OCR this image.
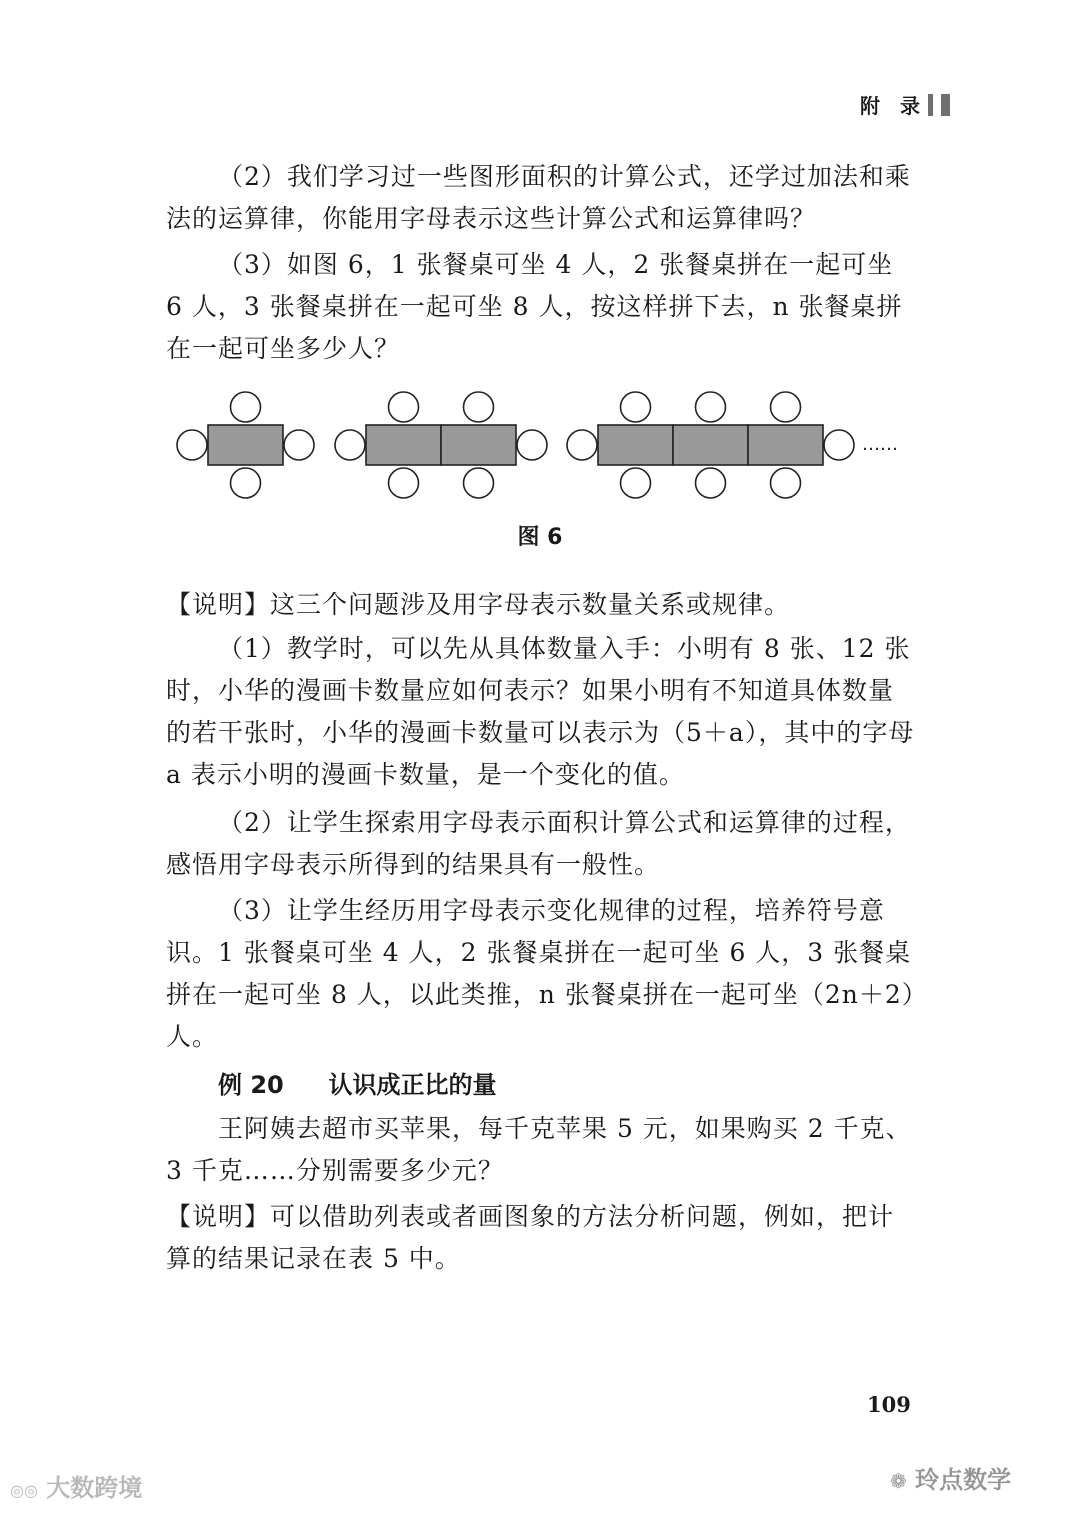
附　录
（2）我们学习过一些图形面积的计算公式，还学过加法和乘法的运算律，你能用字母表示这些计算公式和运算律吗？
（3）如图 6，1 张餐桌可坐 4 人，2 张餐桌拼在一起可坐 6 人，3 张餐桌拼在一起可坐 8 人，按这样拼下去，n 张餐桌拼在一起可坐多少人？
……
图 6
【说明】这三个问题涉及用字母表示数量关系或规律。
（1）教学时，可以先从具体数量入手：小明有 8 张、12 张时，小华的漫画卡数量应如何表示？如果小明有不知道具体数量的若干张时，小华的漫画卡数量可以表示为（5＋a），其中的字母 a 表示小明的漫画卡数量，是一个变化的值。
（2）让学生探索用字母表示面积计算公式和运算律的过程，感悟用字母表示所得到的结果具有一般性。
（3）让学生经历用字母表示变化规律的过程，培养符号意识。1 张餐桌可坐 4 人，2 张餐桌拼在一起可坐 6 人，3 张餐桌拼在一起可坐 8 人，以此类推，n 张餐桌拼在一起可坐（2n＋2）人。
例 20 认识成正比的量
王阿姨去超市买苹果，每千克苹果 5 元，如果购买 2 千克、3 千克……分别需要多少元？
【说明】可以借助列表或者画图象的方法分析问题，例如，把计算的结果记录在表 5 中。
109
◎◎ 大数跨境	❁ 玲点数学
